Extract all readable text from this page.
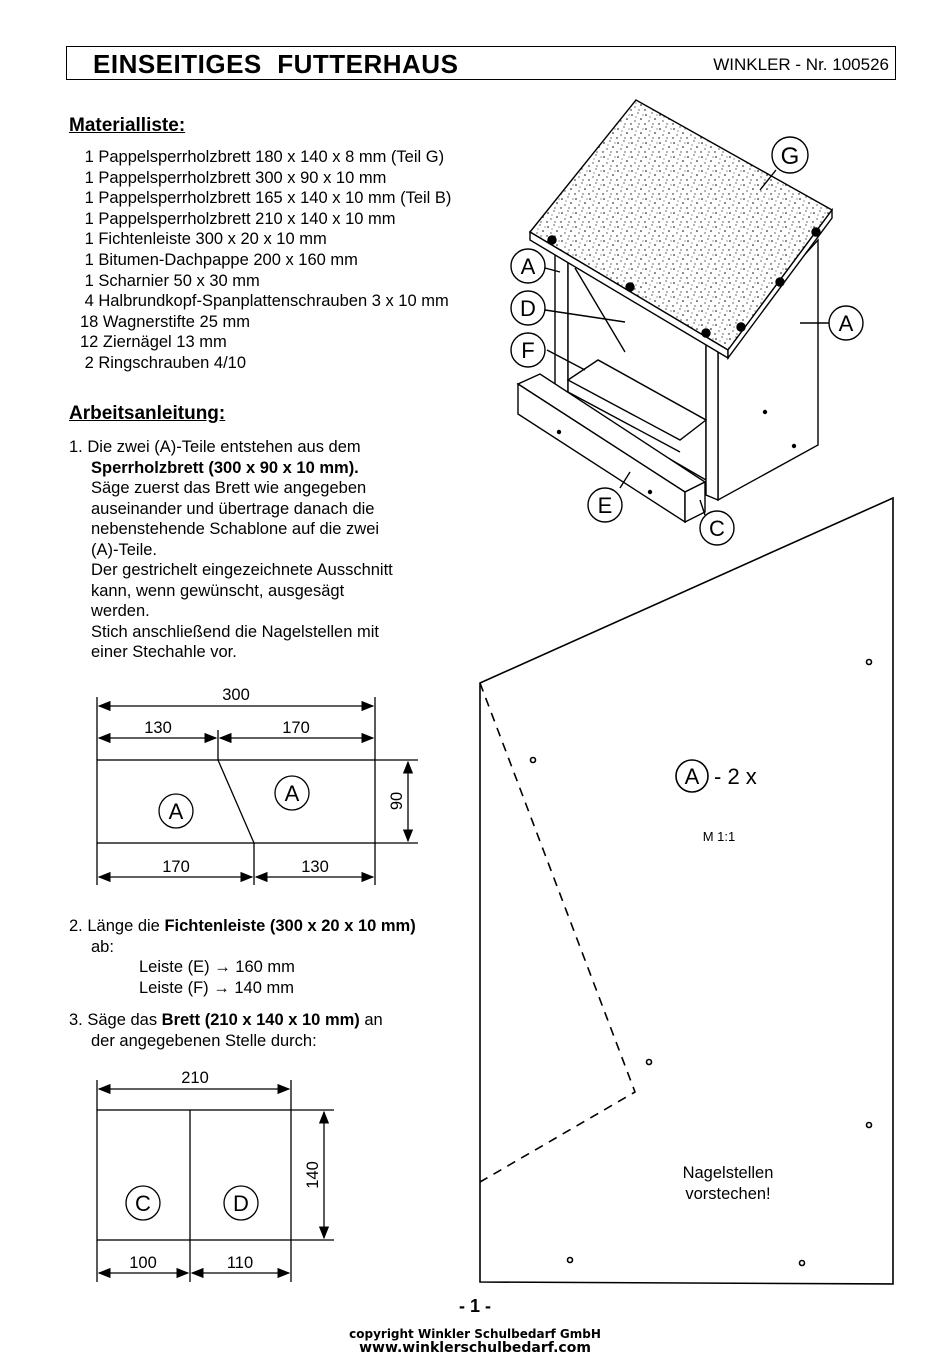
EINSEITIGES  FUTTERHAUS	WINKLER - Nr. 100526
Materialliste:
1 Pappelsperrholzbrett 180 x 140 x 8 mm (Teil G)
1 Pappelsperrholzbrett 300 x 90 x 10 mm
1 Pappelsperrholzbrett 165 x 140 x 10 mm (Teil B)
1 Pappelsperrholzbrett 210 x 140 x 10 mm
1 Fichtenleiste 300 x 20 x 10 mm
1 Bitumen-Dachpappe 200 x 160 mm
1 Scharnier 50 x 30 mm
4 Halbrundkopf-Spanplattenschrauben 3 x 10 mm
18 Wagnerstifte 25 mm
12 Ziernägel 13 mm
2 Ringschrauben 4/10
Arbeitsanleitung:
1. Die zwei (A)-Teile entstehen aus dem
Sperrholzbrett (300 x 90 x 10 mm).
Säge zuerst das Brett wie angegeben
auseinander und übertrage danach die
nebenstehende Schablone auf die zwei
(A)-Teile.
Der gestrichelt eingezeichnete Ausschnitt
kann, wenn gewünscht, ausgesägt
werden.
Stich anschließend die Nagelstellen mit
einer Stechahle vor.
2. Länge die Fichtenleiste (300 x 20 x 10 mm)
ab:
Leiste (E) → 160 mm
Leiste (F) → 140 mm
3. Säge das Brett (210 x 140 x 10 mm) an
der angegebenen Stelle durch:
300
130	170
170	130
90
A
A
210
100	110
140
C	D
G
A
D
F
A
E
C
A - 2 x
M 1:1
Nagelstellen
vorstechen!
- 1 -
copyright Winkler Schulbedarf GmbH
www.winklerschulbedarf.com
